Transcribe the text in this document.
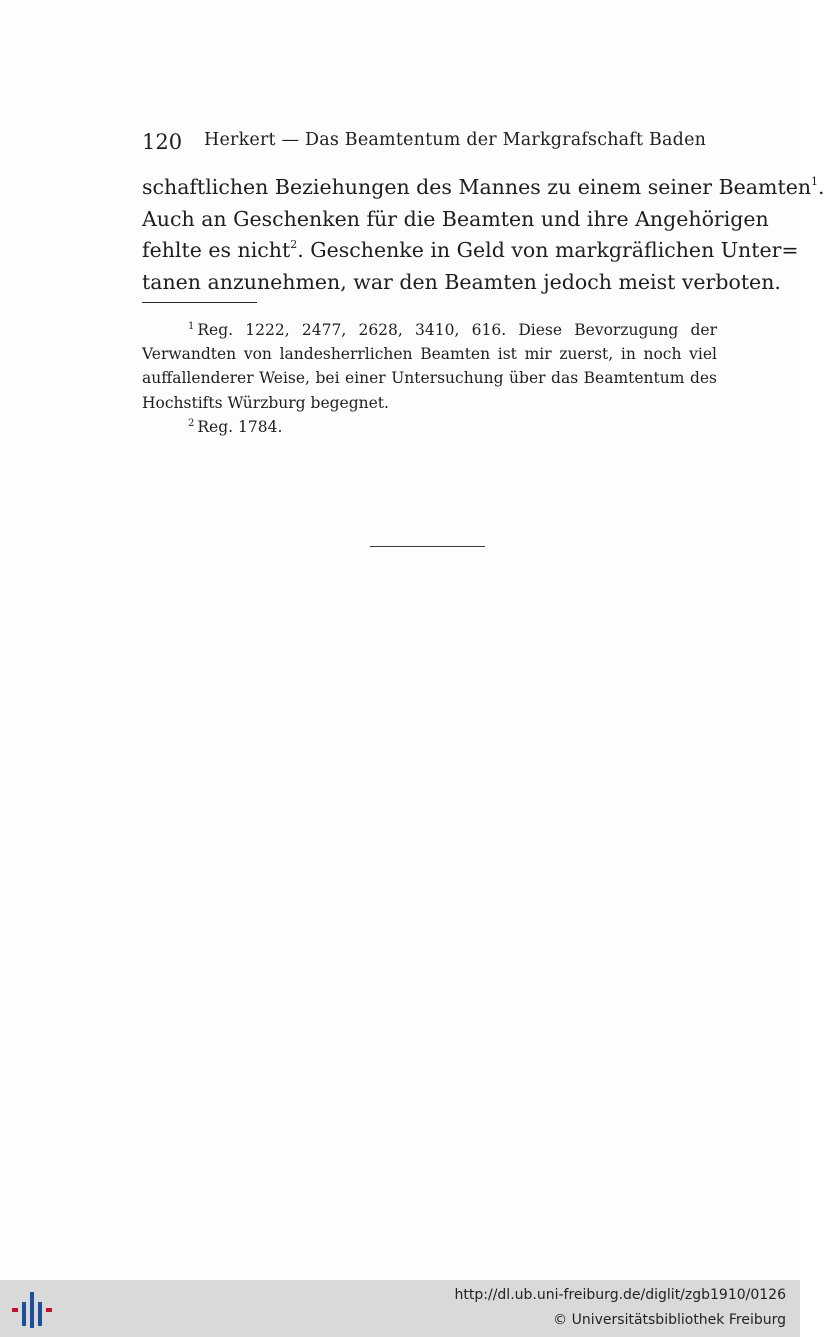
120 Herkert — Das Beamtentum der Markgrafschaft Baden

schaftlichen Beziehungen des Mannes zu einem seiner Beamten$^1$.
Auch an Geschenken für die Beamten und ihre Angehörigen
fehlte es nicht$^2$. Geschenke in Geld von markgräflichen Unter=
tanen anzunehmen, war den Beamten jedoch meist verboten.

$^1$ Reg. 1222, 2477, 2628, 3410, 616. Diese Bevorzugung der
Verwandten von landesherrlichen Beamten ist mir zuerst, in noch viel
auffallenderer Weise, bei einer Untersuchung über das Beamtentum des
Hochstifts Würzburg begegnet.
$^2$ Reg. 1784.
http://dl.ub.uni-freiburg.de/diglit/zgb1910/0126
© Universitätsbibliothek Freiburg
